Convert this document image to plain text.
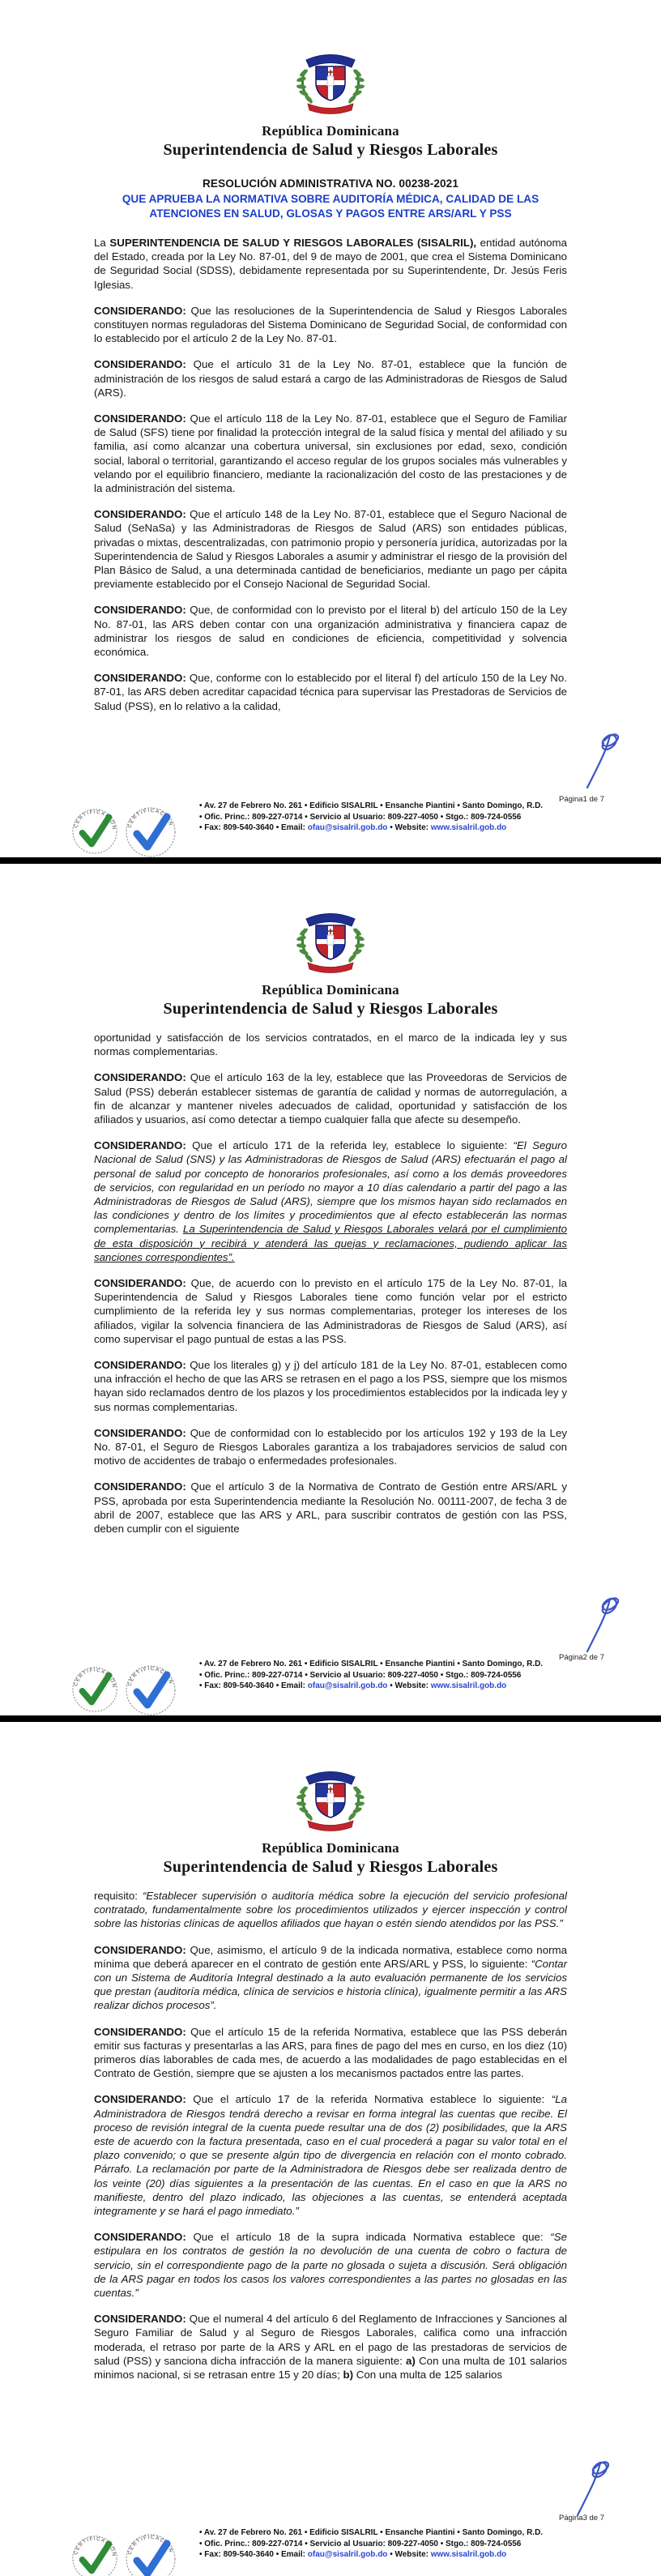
República Dominicana
Superintendencia de Salud y Riesgos Laborales
RESOLUCIÓN ADMINISTRATIVA NO. 00238-2021
QUE APRUEBA LA NORMATIVA SOBRE AUDITORÍA MÉDICA, CALIDAD DE LAS ATENCIONES EN SALUD, GLOSAS Y PAGOS ENTRE ARS/ARL Y PSS

La SUPERINTENDENCIA DE SALUD Y RIESGOS LABORALES (SISALRIL), entidad autónoma del Estado, creada por la Ley No. 87-01, del 9 de mayo de 2001, que crea el Sistema Dominicano de Seguridad Social (SDSS), debidamente representada por su Superintendente, Dr. Jesús Feris Iglesias.

CONSIDERANDO: Que las resoluciones de la Superintendencia de Salud y Riesgos Laborales constituyen normas reguladoras del Sistema Dominicano de Seguridad Social, de conformidad con lo establecido por el artículo 2 de la Ley No. 87-01.

CONSIDERANDO: Que el artículo 31 de la Ley No. 87-01, establece que la función de administración de los riesgos de salud estará a cargo de las Administradoras de Riesgos de Salud (ARS).

CONSIDERANDO: Que el artículo 118 de la Ley No. 87-01, establece que el Seguro de Familiar de Salud (SFS) tiene por finalidad la protección integral de la salud física y mental del afiliado y su familia, así como alcanzar una cobertura universal, sin exclusiones por edad, sexo, condición social, laboral o territorial, garantizando el acceso regular de los grupos sociales más vulnerables y velando por el equilibrio financiero, mediante la racionalización del costo de las prestaciones y de la administración del sistema.

CONSIDERANDO: Que el artículo 148 de la Ley No. 87-01, establece que el Seguro Nacional de Salud (SeNaSa) y las Administradoras de Riesgos de Salud (ARS) son entidades públicas, privadas o mixtas, descentralizadas, con patrimonio propio y personería jurídica, autorizadas por la Superintendencia de Salud y Riesgos Laborales a asumir y administrar el riesgo de la provisión del Plan Básico de Salud, a una determinada cantidad de beneficiarios, mediante un pago per cápita previamente establecido por el Consejo Nacional de Seguridad Social.

CONSIDERANDO: Que, de conformidad con lo previsto por el literal b) del artículo 150 de la Ley No. 87-01, las ARS deben contar con una organización administrativa y financiera capaz de administrar los riesgos de salud en condiciones de eficiencia, competitividad y solvencia económica.

CONSIDERANDO: Que, conforme con lo establecido por el literal f) del artículo 150 de la Ley No. 87-01, las ARS deben acreditar capacidad técnica para supervisar las Prestadoras de Servicios de Salud (PSS), en lo relativo a la calidad,

Página1 de 7
• Av. 27 de Febrero No. 261 • Edificio SISALRIL • Ensanche Piantini • Santo Domingo, R.D.
• Ofic. Princ.: 809-227-0714 • Servicio al Usuario: 809-227-4050 • Stgo.: 809-724-0556
• Fax: 809-540-3640 • Email: ofau@sisalril.gob.do • Website: www.sisalril.gob.do
República Dominicana
Superintendencia de Salud y Riesgos Laborales

oportunidad y satisfacción de los servicios contratados, en el marco de la indicada ley y sus normas complementarias.

CONSIDERANDO: Que el artículo 163 de la ley, establece que las Proveedoras de Servicios de Salud (PSS) deberán establecer sistemas de garantía de calidad y normas de autorregulación, a fin de alcanzar y mantener niveles adecuados de calidad, oportunidad y satisfacción de los afiliados y usuarios, así como detectar a tiempo cualquier falla que afecte su desempeño.

CONSIDERANDO: Que el artículo 171 de la referida ley, establece lo siguiente: “El Seguro Nacional de Salud (SNS) y las Administradoras de Riesgos de Salud (ARS) efectuarán el pago al personal de salud por concepto de honorarios profesionales, así como a los demás proveedores de servicios, con regularidad en un período no mayor a 10 días calendario a partir del pago a las Administradoras de Riesgos de Salud (ARS), siempre que los mismos hayan sido reclamados en las condiciones y dentro de los límites y procedimientos que al efecto establecerán las normas complementarias. La Superintendencia de Salud y Riesgos Laborales velará por el cumplimiento de esta disposición y recibirá y atenderá las quejas y reclamaciones, pudiendo aplicar las sanciones correspondientes”.

CONSIDERANDO: Que, de acuerdo con lo previsto en el artículo 175 de la Ley No. 87-01, la Superintendencia de Salud y Riesgos Laborales tiene como función velar por el estricto cumplimiento de la referida ley y sus normas complementarias, proteger los intereses de los afiliados, vigilar la solvencia financiera de las Administradoras de Riesgos de Salud (ARS), así como supervisar el pago puntual de estas a las PSS.

CONSIDERANDO: Que los literales g) y j) del artículo 181 de la Ley No. 87-01, establecen como una infracción el hecho de que las ARS se retrasen en el pago a los PSS, siempre que los mismos hayan sido reclamados dentro de los plazos y los procedimientos establecidos por la indicada ley y sus normas complementarias.

CONSIDERANDO: Que de conformidad con lo establecido por los artículos 192 y 193 de la Ley No. 87-01, el Seguro de Riesgos Laborales garantiza a los trabajadores servicios de salud con motivo de accidentes de trabajo o enfermedades profesionales.

CONSIDERANDO: Que el artículo 3 de la Normativa de Contrato de Gestión entre ARS/ARL y PSS, aprobada por esta Superintendencia mediante la Resolución No. 00111-2007, de fecha 3 de abril de 2007, establece que las ARS y ARL, para suscribir contratos de gestión con las PSS, deben cumplir con el siguiente

Página2 de 7
• Av. 27 de Febrero No. 261 • Edificio SISALRIL • Ensanche Piantini • Santo Domingo, R.D.
• Ofic. Princ.: 809-227-0714 • Servicio al Usuario: 809-227-4050 • Stgo.: 809-724-0556
• Fax: 809-540-3640 • Email: ofau@sisalril.gob.do • Website: www.sisalril.gob.do
República Dominicana
Superintendencia de Salud y Riesgos Laborales

requisito: “Establecer supervisión o auditoría médica sobre la ejecución del servicio profesional contratado, fundamentalmente sobre los procedimientos utilizados y ejercer inspección y control sobre las historias clínicas de aquellos afiliados que hayan o estén siendo atendidos por las PSS.”

CONSIDERANDO: Que, asimismo, el artículo 9 de la indicada normativa, establece como norma mínima que deberá aparecer en el contrato de gestión ente ARS/ARL y PSS, lo siguiente: “Contar con un Sistema de Auditoría Integral destinado a la auto evaluación permanente de los servicios que prestan (auditoría médica, clínica de servicios e historia clínica), igualmente permitir a las ARS realizar dichos procesos”.

CONSIDERANDO: Que el artículo 15 de la referida Normativa, establece que las PSS deberán emitir sus facturas y presentarlas a las ARS, para fines de pago del mes en curso, en los diez (10) primeros días laborables de cada mes, de acuerdo a las modalidades de pago establecidas en el Contrato de Gestión, siempre que se ajusten a los mecanismos pactados entre las partes.

CONSIDERANDO: Que el artículo 17 de la referida Normativa establece lo siguiente: “La Administradora de Riesgos tendrá derecho a revisar en forma integral las cuentas que recibe. El proceso de revisión integral de la cuenta puede resultar una de dos (2) posibilidades, que la ARS este de acuerdo con la factura presentada, caso en el cual procederá a pagar su valor total en el plazo convenido; o que se presente algún tipo de divergencia en relación con el monto cobrado. Párrafo. La reclamación por parte de la Administradora de Riesgos debe ser realizada dentro de los veinte (20) días siguientes a la presentación de las cuentas. En el caso en que la ARS no manifieste, dentro del plazo indicado, las objeciones a las cuentas, se entenderá aceptada integramente y se hará el pago inmediato.”

CONSIDERANDO: Que el artículo 18 de la supra indicada Normativa establece que: “Se estipulara en los contratos de gestión la no devolución de una cuenta de cobro o factura de servicio, sin el correspondiente pago de la parte no glosada o sujeta a discusión. Será obligación de la ARS pagar en todos los casos los valores correspondientes a las partes no glosadas en las cuentas.”

CONSIDERANDO: Que el numeral 4 del artículo 6 del Reglamento de Infracciones y Sanciones al Seguro Familiar de Salud y al Seguro de Riesgos Laborales, califica como una infracción moderada, el retraso por parte de la ARS y ARL en el pago de las prestadoras de servicios de salud (PSS) y sanciona dicha infracción de la manera siguiente: a) Con una multa de 101 salarios minimos nacional, si se retrasan entre 15 y 20 días; b) Con una multa de 125 salarios

Página3 de 7
• Av. 27 de Febrero No. 261 • Edificio SISALRIL • Ensanche Piantini • Santo Domingo, R.D.
• Ofic. Princ.: 809-227-0714 • Servicio al Usuario: 809-227-4050 • Stgo.: 809-724-0556
• Fax: 809-540-3640 • Email: ofau@sisalril.gob.do • Website: www.sisalril.gob.do
